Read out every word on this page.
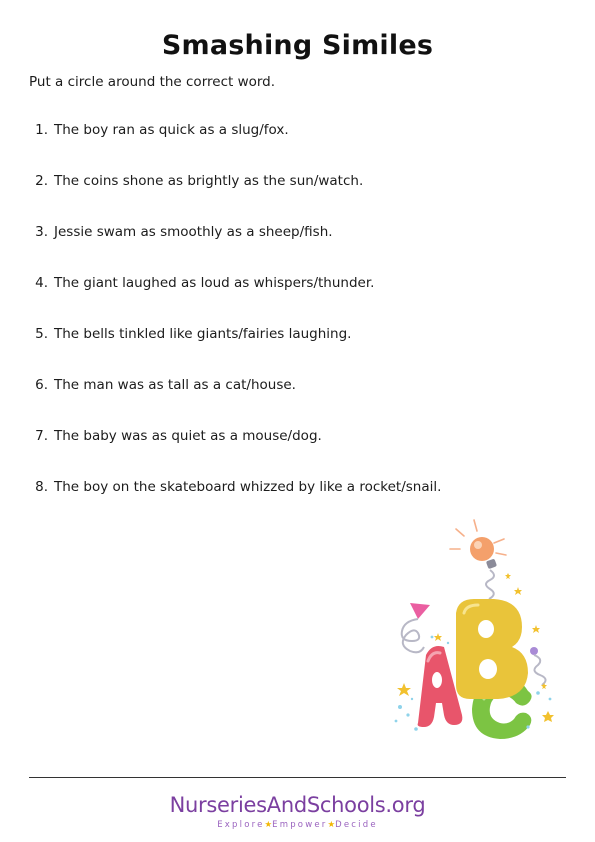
Smashing Similes
Put a circle around the correct word.
1. The boy ran as quick as a slug/fox.
2. The coins shone as brightly as the sun/watch.
3. Jessie swam as smoothly as a sheep/fish.
4. The giant laughed as loud as whispers/thunder.
5. The bells tinkled like giants/fairies laughing.
6. The man was as tall as a cat/house.
7. The baby was as quiet as a mouse/dog.
8. The boy on the skateboard whizzed by like a rocket/snail.
NurseriesAndSchools.org
Explore★Empower★Decide
